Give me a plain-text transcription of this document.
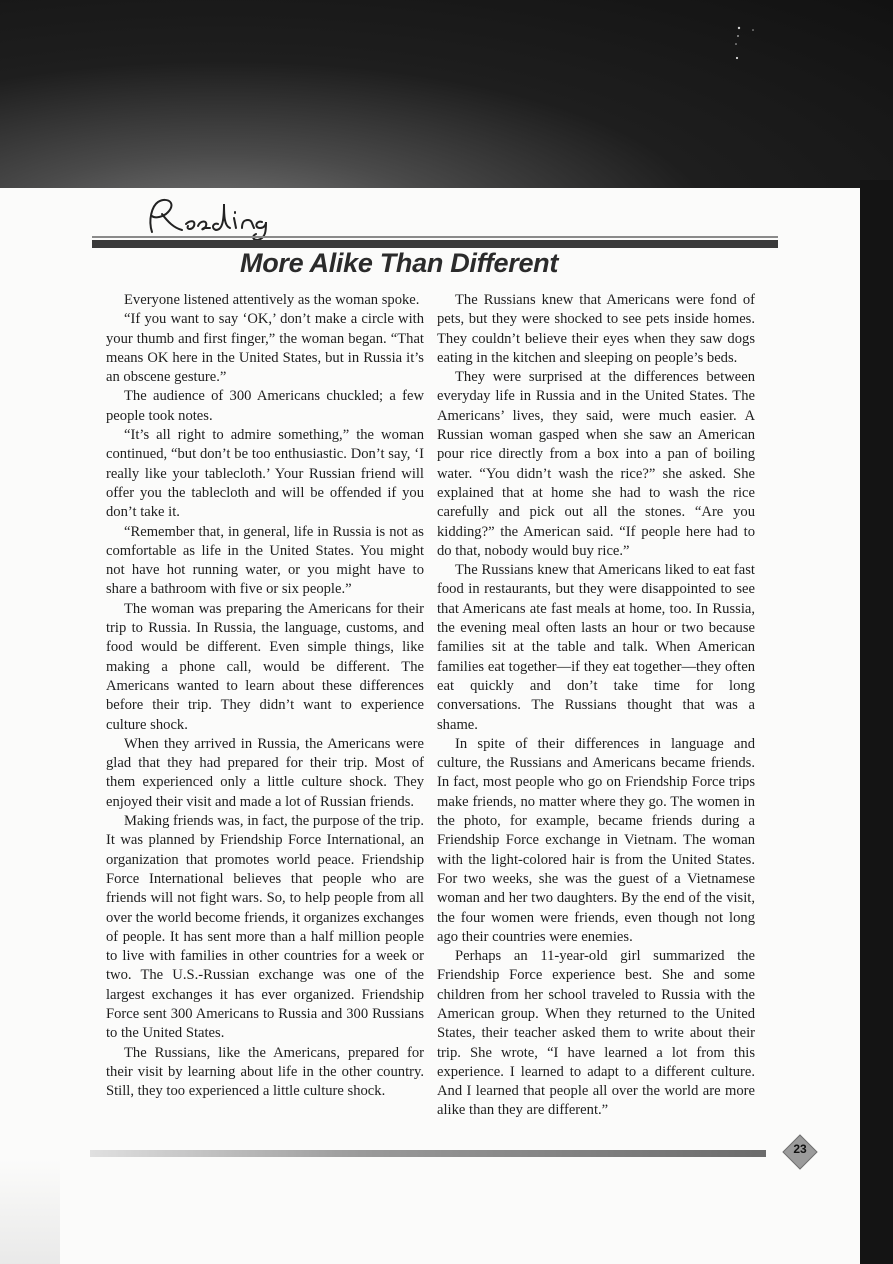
More Alike Than Different

Everyone listened attentively as the woman spoke.

“If you want to say ‘OK,’ don’t make a circle with your thumb and first finger,” the woman began. “That means OK here in the United States, but in Russia it’s an obscene gesture.”

The audience of 300 Americans chuckled; a few people took notes.

“It’s all right to admire something,” the woman continued, “but don’t be too enthusiastic. Don’t say, ‘I really like your tablecloth.’ Your Russian friend will offer you the tablecloth and will be offended if you don’t take it.

“Remember that, in general, life in Russia is not as comfortable as life in the United States. You might not have hot running water, or you might have to share a bathroom with five or six people.”

The woman was preparing the Americans for their trip to Russia. In Russia, the language, customs, and food would be different. Even simple things, like making a phone call, would be different. The Americans wanted to learn about these differences before their trip. They didn’t want to experience culture shock.

When they arrived in Russia, the Americans were glad that they had prepared for their trip. Most of them experienced only a little culture shock. They enjoyed their visit and made a lot of Russian friends.

Making friends was, in fact, the purpose of the trip. It was planned by Friendship Force International, an organization that promotes world peace. Friendship Force International believes that people who are friends will not fight wars. So, to help people from all over the world become friends, it organizes exchanges of people. It has sent more than a half million people to live with families in other countries for a week or two. The U.S.-Russian exchange was one of the largest exchanges it has ever organized. Friendship Force sent 300 Americans to Russia and 300 Russians to the United States.

The Russians, like the Americans, prepared for their visit by learning about life in the other country. Still, they too experienced a little culture shock.

The Russians knew that Americans were fond of pets, but they were shocked to see pets inside homes. They couldn’t believe their eyes when they saw dogs eating in the kitchen and sleeping on people’s beds.

They were surprised at the differences between everyday life in Russia and in the United States. The Americans’ lives, they said, were much easier. A Russian woman gasped when she saw an American pour rice directly from a box into a pan of boiling water. “You didn’t wash the rice?” she asked. She explained that at home she had to wash the rice carefully and pick out all the stones. “Are you kidding?” the American said. “If people here had to do that, nobody would buy rice.”

The Russians knew that Americans liked to eat fast food in restaurants, but they were disappointed to see that Americans ate fast meals at home, too. In Russia, the evening meal often lasts an hour or two because families sit at the table and talk. When American families eat together—if they eat together—they often eat quickly and don’t take time for long conversations. The Russians thought that was a shame.

In spite of their differences in language and culture, the Russians and Americans became friends. In fact, most people who go on Friendship Force trips make friends, no matter where they go. The women in the photo, for example, became friends during a Friendship Force exchange in Vietnam. The woman with the light-colored hair is from the United States. For two weeks, she was the guest of a Vietnamese woman and her two daughters. By the end of the visit, the four women were friends, even though not long ago their countries were enemies.

Perhaps an 11-year-old girl summarized the Friendship Force experience best. She and some children from her school traveled to Russia with the American group. When they returned to the United States, their teacher asked them to write about their trip. She wrote, “I have learned a lot from this experience. I learned to adapt to a different culture. And I learned that people all over the world are more alike than they are different.”

23
